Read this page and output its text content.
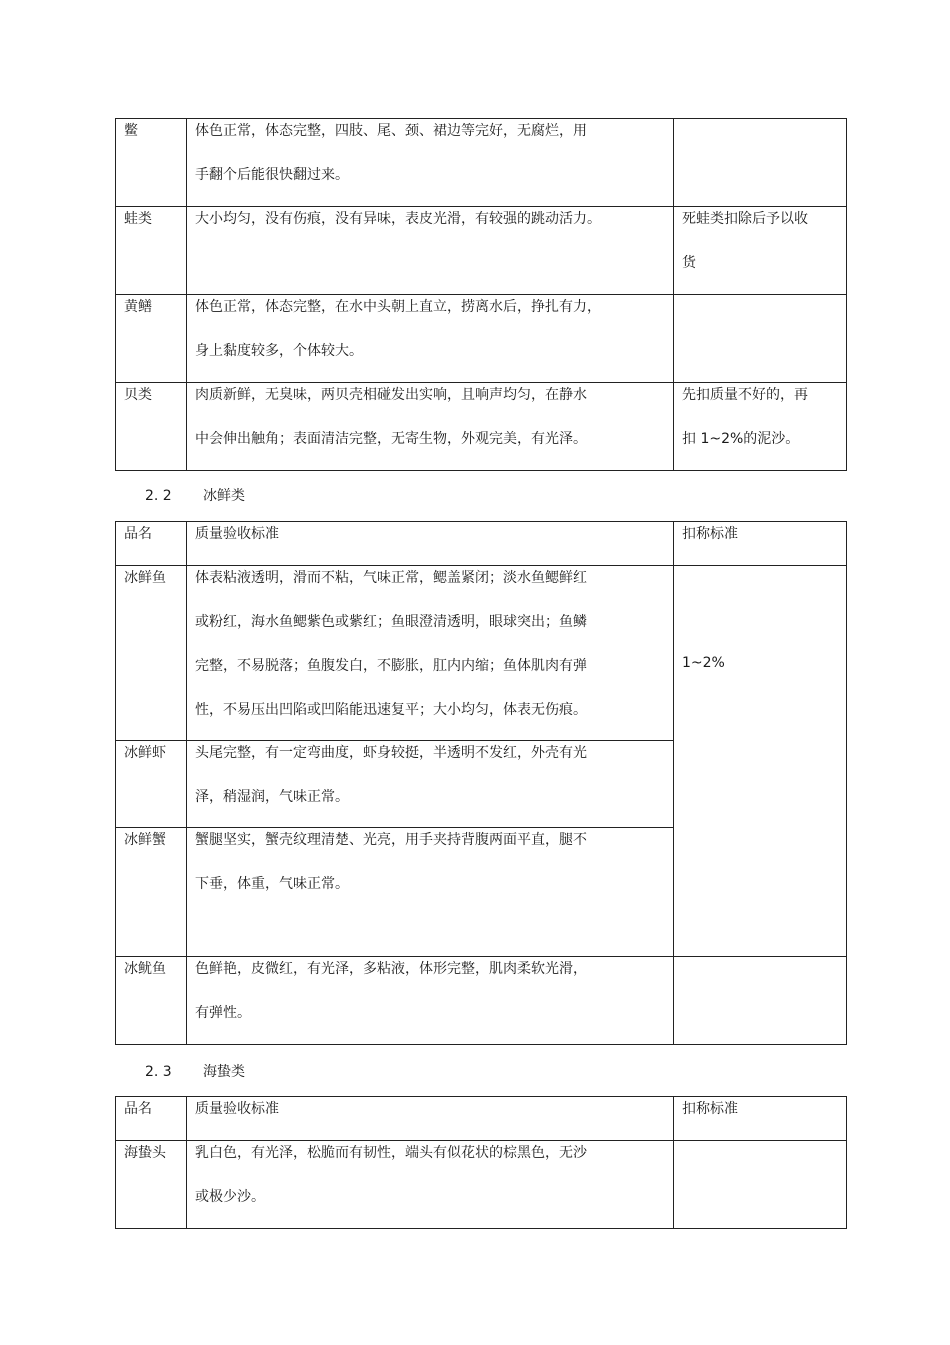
鳖	体色正常，体态完整，四肢、尾、颈、裙边等完好，无腐烂，用
手翻个后能很快翻过来。	

蛙类	大小均匀，没有伤痕，没有异味，表皮光滑，有较强的跳动活力。	死蛙类扣除后予以收
货

黄鳝	体色正常，体态完整，在水中头朝上直立，捞离水后，挣扎有力，
身上黏度较多，个体较大。	

贝类	肉质新鲜，无臭味，两贝壳相碰发出实响，且响声均匀，在静水
中会伸出触角；表面清洁完整，无寄生物，外观完美，有光泽。	先扣质量不好的，再
扣 1~2%的泥沙。
2. 2 冰鲜类
品名	质量验收标准	扣称标准

冰鲜鱼	体表粘液透明，滑而不粘，气味正常，鳃盖紧闭；淡水鱼鳃鲜红
或粉红，海水鱼鳃紫色或紫红；鱼眼澄清透明，眼球突出；鱼鳞
完整，不易脱落；鱼腹发白，不膨胀，肛内内缩；鱼体肌肉有弹
性，不易压出凹陷或凹陷能迅速复平；大小均匀，体表无伤痕。	1~2%

冰鲜虾	头尾完整，有一定弯曲度，虾身较挺，半透明不发红，外壳有光
泽，稍湿润，气味正常。	

冰鲜蟹	蟹腿坚实，蟹壳纹理清楚、光亮，用手夹持背腹两面平直，腿不
下垂，体重，气味正常。	

冰鱿鱼	色鲜艳，皮微红，有光泽，多粘液，体形完整，肌肉柔软光滑，
有弹性。	

2. 3 海蛰类
品名	质量验收标准	扣称标准

海蛰头	乳白色，有光泽，松脆而有韧性，端头有似花状的棕黑色，无沙
或极少沙。	
